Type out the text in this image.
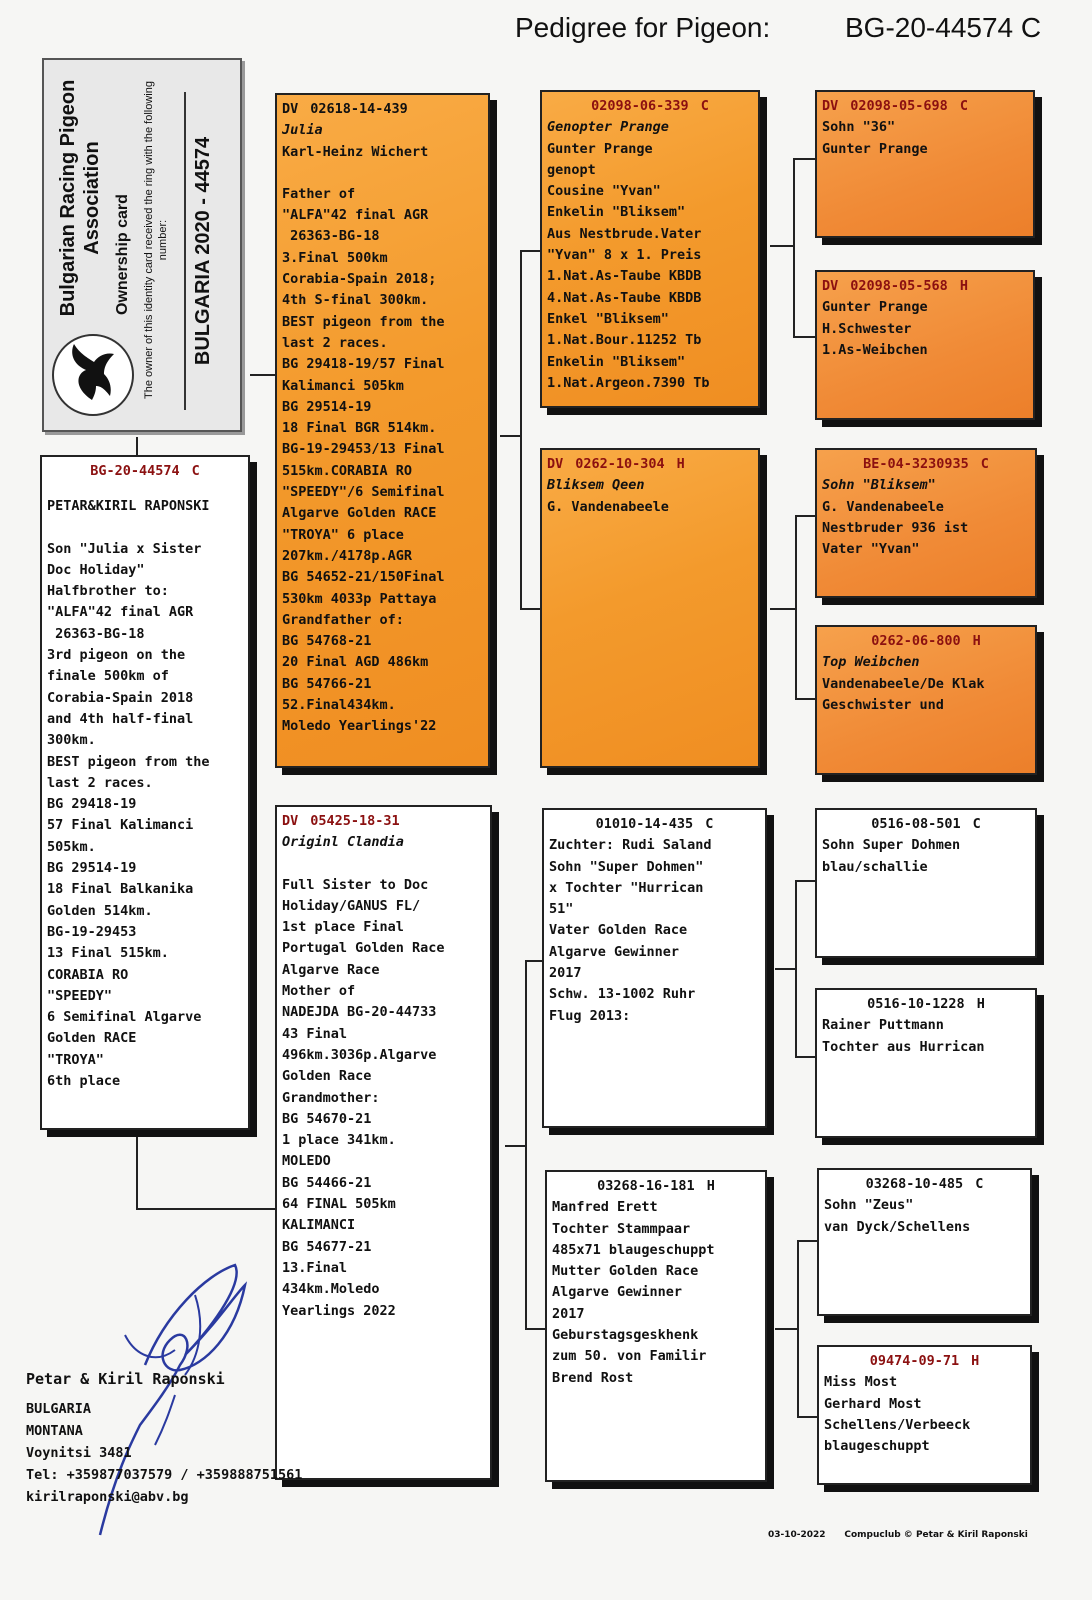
Pedigree for Pigeon:	BG-20-44574 C
Bulgarian Racing Pigeon Association Ownership card The owner of this identity card received the ring with the following number:	BULGARIA 2020 - 44574
BG-20-44574 C
PETAR&KIRIL RAPONSKI
Son "Julia x Sister
Doc Holiday"
Halfbrother to:
"ALFA"42 final AGR
26363-BG-18
3rd pigeon on the
finale 500km of
Corabia-Spain 2018
and 4th half-final
300km.
BEST pigeon from the
last 2 races.
BG 29418-19
57 Final Kalimanci
505km.
BG 29514-19
18 Final Balkanika
Golden 514km.
BG-19-29453
13 Final 515km.
CORABIA RO
"SPEEDY"
6 Semifinal Algarve
Golden RACE
"TROYA"
6th place
DV 02618-14-439
Julia
Karl-Heinz Wichert
Father of
"ALFA"42 final AGR
26363-BG-18
3.Final 500km
Corabia-Spain 2018;
4th S-final 300km.
BEST pigeon from the
last 2 races.
BG 29418-19/57 Final
Kalimanci 505km
BG 29514-19
18 Final BGR 514km.
BG-19-29453/13 Final
515km.CORABIA RO
"SPEEDY"/6 Semifinal
Algarve Golden RACE
"TROYA" 6 place
207km./4178p.AGR
BG 54652-21/150Final
530km 4033p Pattaya
Grandfather of:
BG 54768-21
20 Final AGD 486km
BG 54766-21
52.Final434km.
Moledo Yearlings'22
DV 05425-18-31
Originl Clandia
Full Sister to Doc
Holiday/GANUS FL/
1st place Final
Portugal Golden Race
Algarve Race
Mother of
NADEJDA BG-20-44733
43 Final
496km.3036p.Algarve
Golden Race
Grandmother:
BG 54670-21
1 place 341km.
MOLEDO
BG 54466-21
64 FINAL 505km
KALIMANCI
BG 54677-21
13.Final
434km.Moledo
Yearlings 2022
02098-06-339 C
Genopter Prange
Gunter Prange
genopt
Cousine "Yvan"
Enkelin "Bliksem"
Aus Nestbrude.Vater
"Yvan" 8 x 1. Preis
1.Nat.As-Taube KBDB
4.Nat.As-Taube KBDB
Enkel "Bliksem"
1.Nat.Bour.11252 Tb
Enkelin "Bliksem"
1.Nat.Argeon.7390 Tb
DV 0262-10-304 H
Bliksem Qeen
G. Vandenabeele
01010-14-435 C
Zuchter: Rudi Saland
Sohn "Super Dohmen"
x Tochter "Hurrican
51"
Vater Golden Race
Algarve Gewinner
2017
Schw. 13-1002 Ruhr
Flug 2013:
03268-16-181 H
Manfred Erett
Tochter Stammpaar
485x71 blaugeschuppt
Mutter Golden Race
Algarve Gewinner
2017
Geburstagsgeskhenk
zum 50. von Familir
Brend Rost
DV 02098-05-698 C
Sohn "36"
Gunter Prange
DV 02098-05-568 H
Gunter Prange
H.Schwester
1.As-Weibchen
BE-04-3230935 C
Sohn "Bliksem"
G. Vandenabeele
Nestbruder 936 ist
Vater "Yvan"
0262-06-800 H
Top Weibchen
Vandenabeele/De Klak
Geschwister und
0516-08-501 C
Sohn Super Dohmen
blau/schallie
0516-10-1228 H
Rainer Puttmann
Tochter aus Hurrican
03268-10-485 C
Sohn "Zeus"
van Dyck/Schellens
09474-09-71 H
Miss Most
Gerhard Most
Schellens/Verbeeck
blaugeschuppt
Petar & Kiril Raponski
BULGARIA
MONTANA
Voynitsi 3481
Tel: +359877037579 / +359888751561
kirilraponski@abv.bg
03-10-2022 Compuclub © Petar & Kiril Raponski
